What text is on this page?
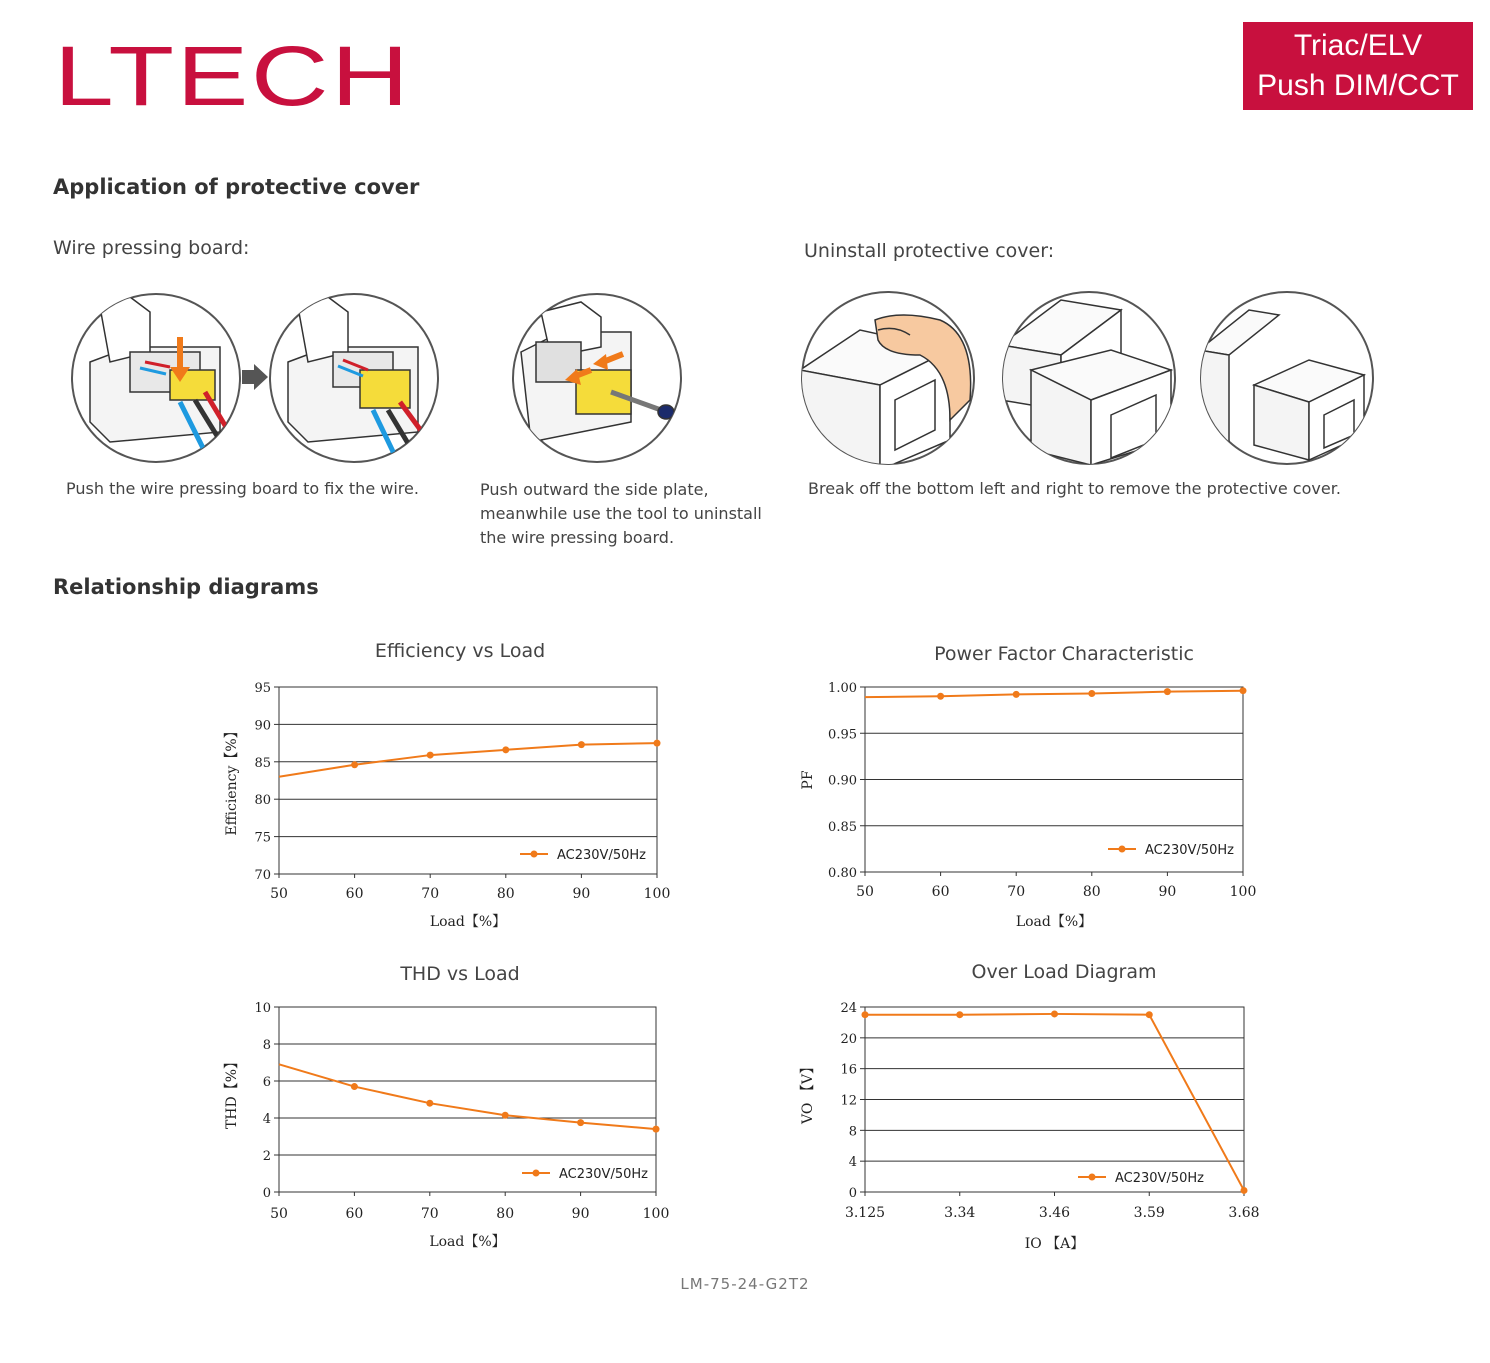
LTECH	Triac/ELV
Push DIM/CCT
Application of protective cover
Wire pressing board:	Uninstall protective cover:
Push the wire pressing board to fix the wire.	Push outward the side plate,
meanwhile use the tool to uninstall
the wire pressing board.
Break off the bottom left and right to remove the protective cover.
Relationship diagrams
Efficiency vs Load	Power Factor Characteristic
THD vs Load	Over Load Diagram
70
75
80
85
90
95
50	60	70	80	90	100
Load【%】
Efficiency【%】
AC230V/50Hz
0.80
0.85
0.90
0.95
1.00
50	60	70	80	90	100
Load【%】
PF
AC230V/50Hz
0
2
4
6
8
10
50	60	70	80	90	100
Load【%】
THD【%】
AC230V/50Hz
0
4
8
12
16
20
24
3.125	3.34	3.46	3.59	3.68
IO 【A】
VO 【V】
AC230V/50Hz
LM-75-24-G2T2
